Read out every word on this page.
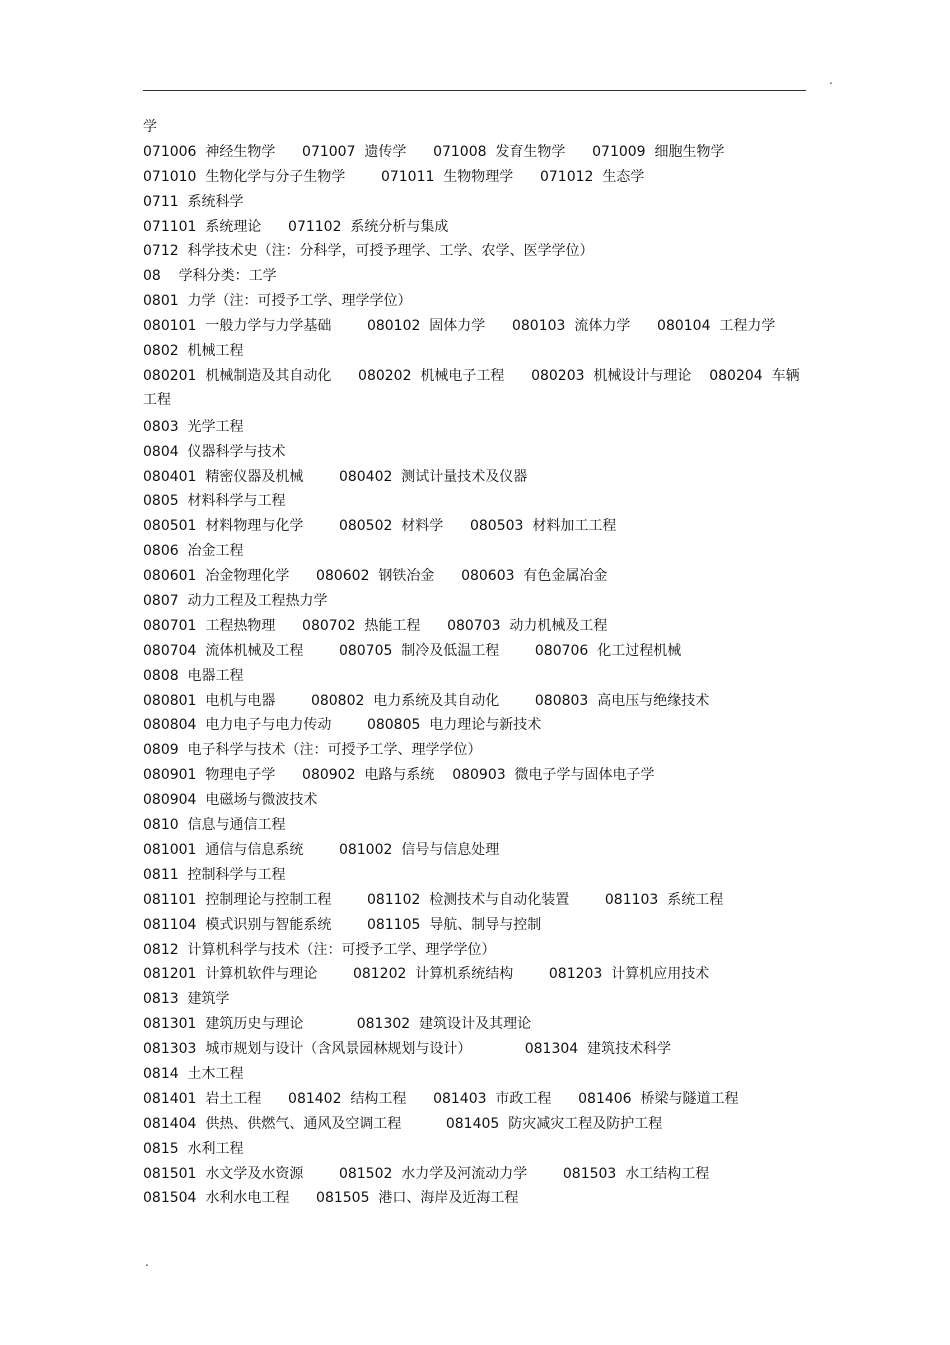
.
学
071006  神经生物学      071007  遗传学      071008  发育生物学      071009  细胞生物学
071010  生物化学与分子生物学        071011  生物物理学      071012  生态学
0711  系统科学
071101  系统理论      071102  系统分析与集成
0712  科学技术史（注：分科学，可授予理学、工学、农学、医学学位）
08    学科分类：工学
0801  力学（注：可授予工学、理学学位）
080101  一般力学与力学基础        080102  固体力学      080103  流体力学      080104  工程力学
0802  机械工程
080201  机械制造及其自动化      080202  机械电子工程      080203  机械设计与理论    080204  车辆
工程
0803  光学工程
0804  仪器科学与技术
080401  精密仪器及机械        080402  测试计量技术及仪器
0805  材料科学与工程
080501  材料物理与化学        080502  材料学      080503  材料加工工程
0806  冶金工程
080601  冶金物理化学      080602  钢铁冶金      080603  有色金属冶金
0807  动力工程及工程热力学
080701  工程热物理      080702  热能工程      080703  动力机械及工程
080704  流体机械及工程        080705  制冷及低温工程        080706  化工过程机械
0808  电器工程
080801  电机与电器        080802  电力系统及其自动化        080803  高电压与绝缘技术
080804  电力电子与电力传动        080805  电力理论与新技术
0809  电子科学与技术（注：可授予工学、理学学位）
080901  物理电子学      080902  电路与系统    080903  微电子学与固体电子学
080904  电磁场与微波技术
0810  信息与通信工程
081001  通信与信息系统        081002  信号与信息处理
0811  控制科学与工程
081101  控制理论与控制工程        081102  检测技术与自动化装置        081103  系统工程
081104  模式识别与智能系统        081105  导航、制导与控制
0812  计算机科学与技术（注：可授予工学、理学学位）
081201  计算机软件与理论        081202  计算机系统结构        081203  计算机应用技术
0813  建筑学
081301  建筑历史与理论            081302  建筑设计及其理论
081303  城市规划与设计（含风景园林规划与设计）            081304  建筑技术科学
0814  土木工程
081401  岩土工程      081402  结构工程      081403  市政工程      081406  桥梁与隧道工程
081404  供热、供燃气、通风及空调工程          081405  防灾减灾工程及防护工程
0815  水利工程
081501  水文学及水资源        081502  水力学及河流动力学        081503  水工结构工程
081504  水利水电工程      081505  港口、海岸及近海工程
.
